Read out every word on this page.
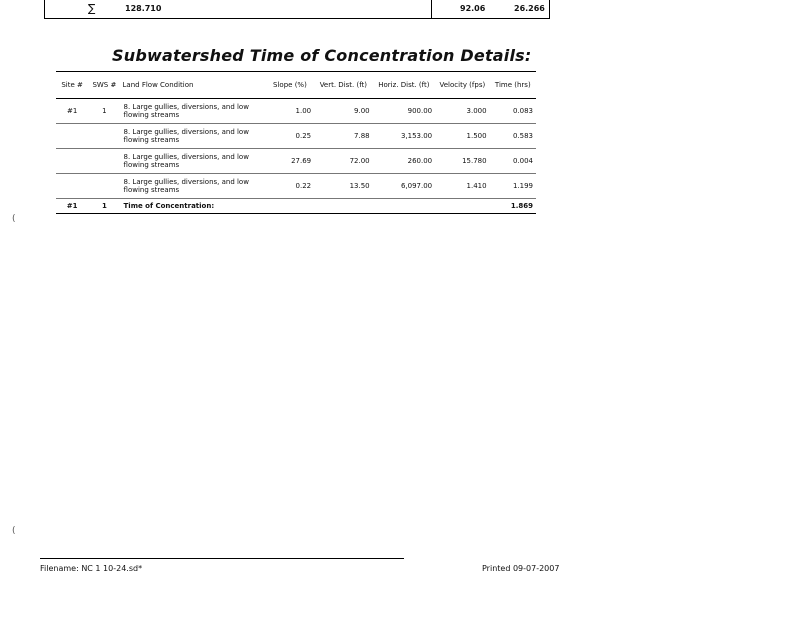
∑	128.710	92.06	26.266
Subwatershed Time of Concentration Details:
Site #	SWS #	Land Flow Condition	Slope (%)	Vert. Dist. (ft)	Horiz. Dist. (ft)	Velocity (fps)	Time (hrs)
#1	1	8. Large gullies, diversions, and low flowing streams	1.00	9.00	900.00	3.000	0.083
		8. Large gullies, diversions, and low flowing streams	0.25	7.88	3,153.00	1.500	0.583
		8. Large gullies, diversions, and low flowing streams	27.69	72.00	260.00	15.780	0.004
		8. Large gullies, diversions, and low flowing streams	0.22	13.50	6,097.00	1.410	1.199
#1	1	Time of Concentration:					1.869
(
(
Filename: NC 1 10-24.sd*	Printed 09-07-2007
